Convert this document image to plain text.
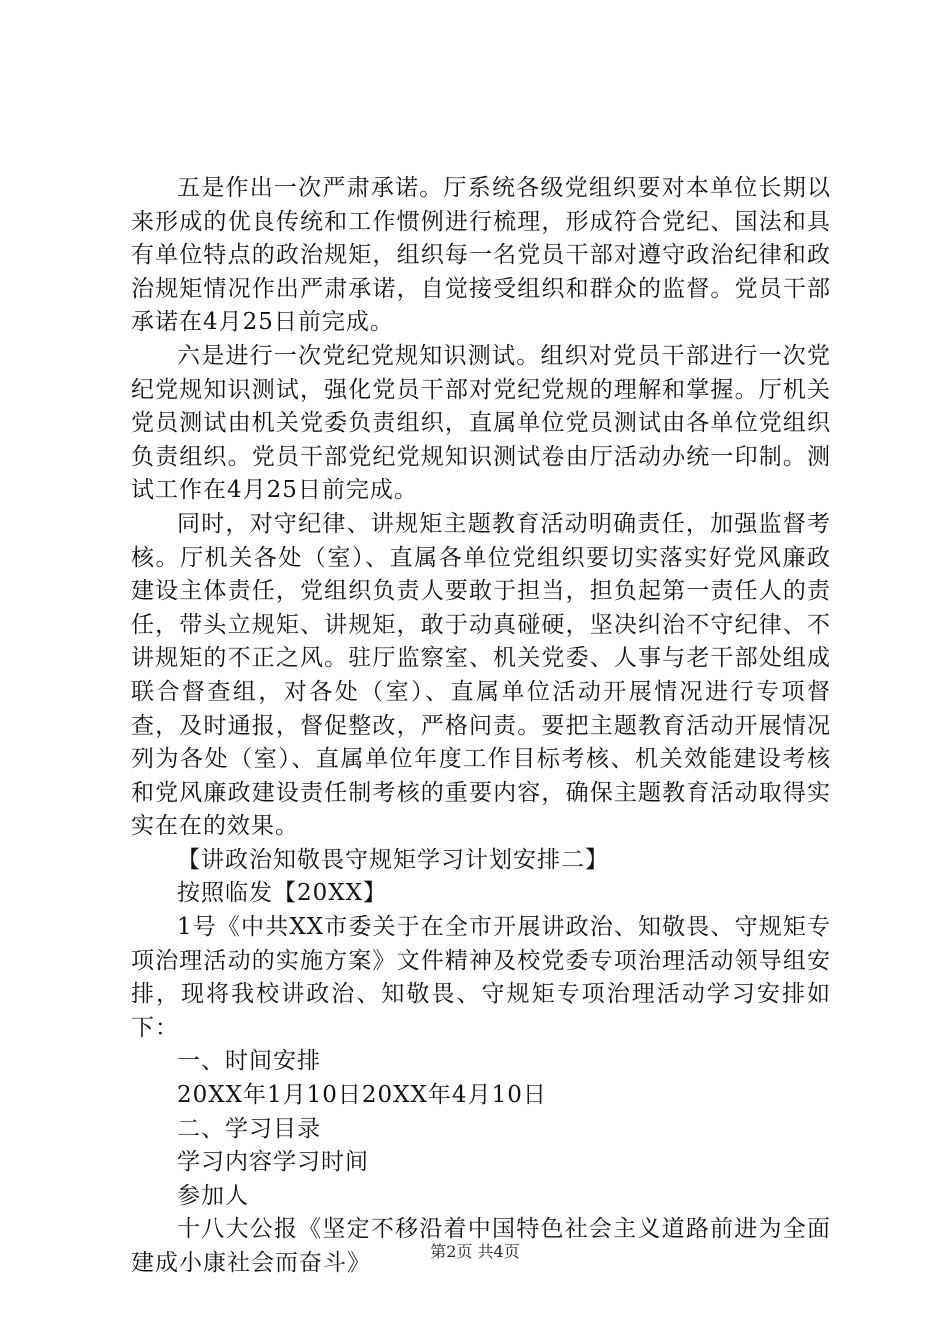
五是作出一次严肃承诺。厅系统各级党组织要对本单位长期以来形成的优良传统和工作惯例进行梳理，形成符合党纪、国法和具有单位特点的政治规矩，组织每一名党员干部对遵守政治纪律和政治规矩情况作出严肃承诺，自觉接受组织和群众的监督。党员干部承诺在4月25日前完成。

六是进行一次党纪党规知识测试。组织对党员干部进行一次党纪党规知识测试，强化党员干部对党纪党规的理解和掌握。厅机关党员测试由机关党委负责组织，直属单位党员测试由各单位党组织负责组织。党员干部党纪党规知识测试卷由厅活动办统一印制。测试工作在4月25日前完成。

同时，对守纪律、讲规矩主题教育活动明确责任，加强监督考核。厅机关各处（室）、直属各单位党组织要切实落实好党风廉政建设主体责任，党组织负责人要敢于担当，担负起第一责任人的责任，带头立规矩、讲规矩，敢于动真碰硬，坚决纠治不守纪律、不讲规矩的不正之风。驻厅监察室、机关党委、人事与老干部处组成联合督查组，对各处（室）、直属单位活动开展情况进行专项督查，及时通报，督促整改，严格问责。要把主题教育活动开展情况列为各处（室）、直属单位年度工作目标考核、机关效能建设考核和党风廉政建设责任制考核的重要内容，确保主题教育活动取得实实在在的效果。

【讲政治知敬畏守规矩学习计划安排二】

按照临发【20XX】

1号《中共XX市委关于在全市开展讲政治、知敬畏、守规矩专项治理活动的实施方案》文件精神及校党委专项治理活动领导组安排，现将我校讲政治、知敬畏、守规矩专项治理活动学习安排如下：

一、时间安排

20XX年1月10日20XX年4月10日

二、学习目录

学习内容学习时间

参加人

十八大公报《坚定不移沿着中国特色社会主义道路前进为全面建成小康社会而奋斗》	第2页 共4页
